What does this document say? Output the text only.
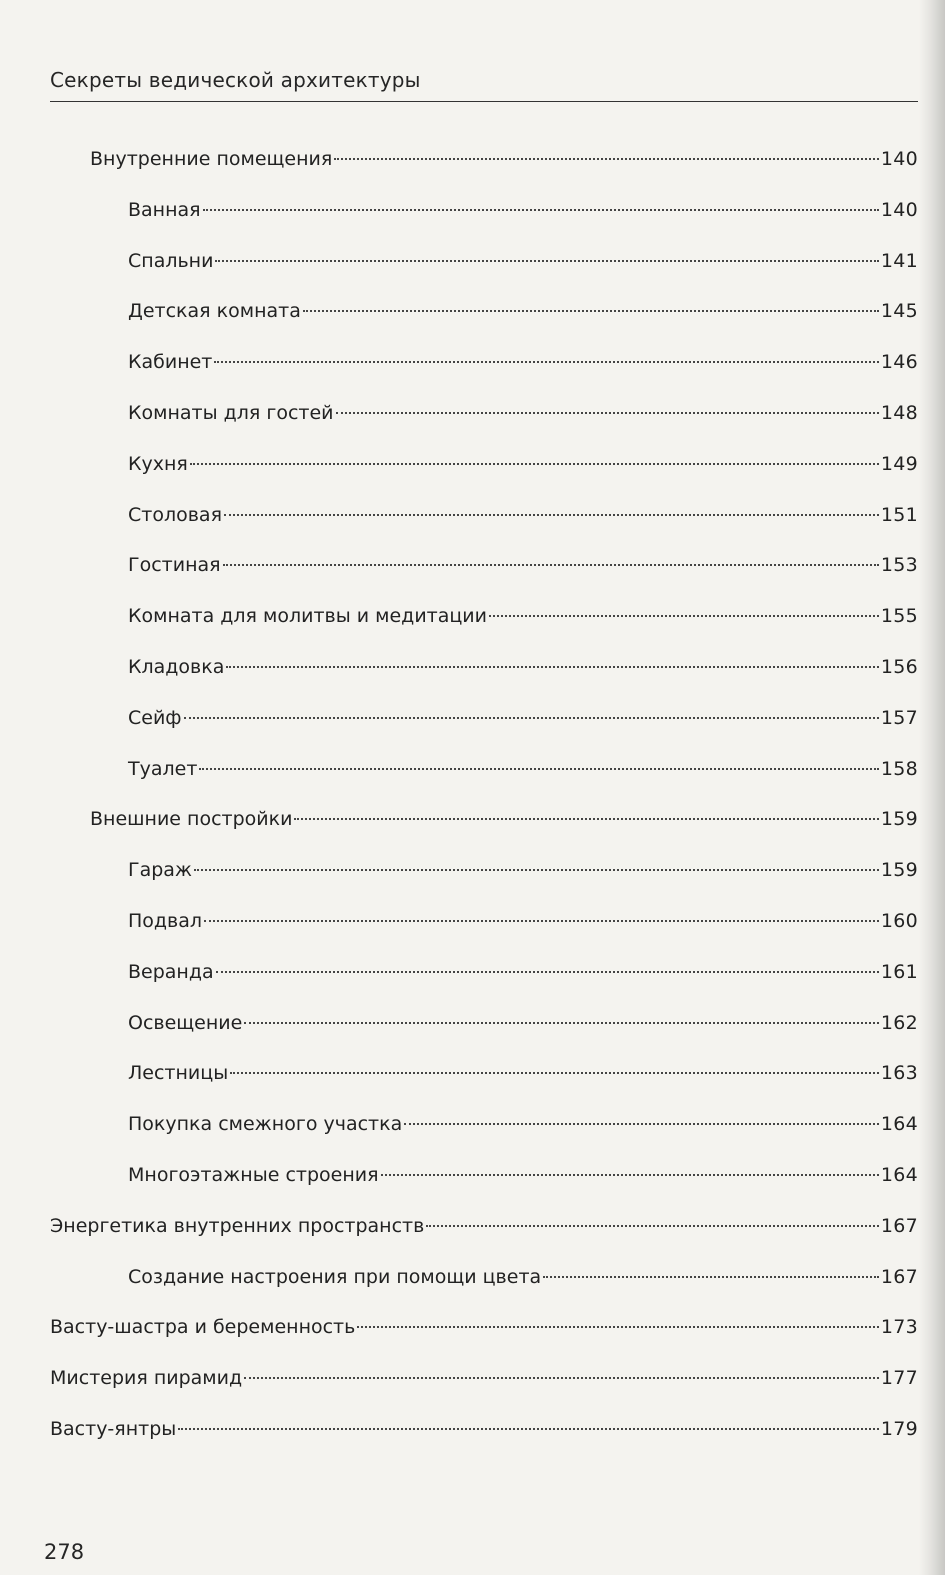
Секреты ведической архитектуры
Внутренние помещения	140
Ванная	140
Спальни	141
Детская комната	145
Кабинет	146
Комнаты для гостей	148
Кухня	149
Столовая	151
Гостиная	153
Комната для молитвы и медитации	155
Кладовка	156
Сейф	157
Туалет	158
Внешние постройки	159
Гараж	159
Подвал	160
Веранда	161
Освещение	162
Лестницы	163
Покупка смежного участка	164
Многоэтажные строения	164
Энергетика внутренних пространств	167
Создание настроения при помощи цвета	167
Васту-шастра и беременность	173
Мистерия пирамид	177
Васту-янтры	179
278
